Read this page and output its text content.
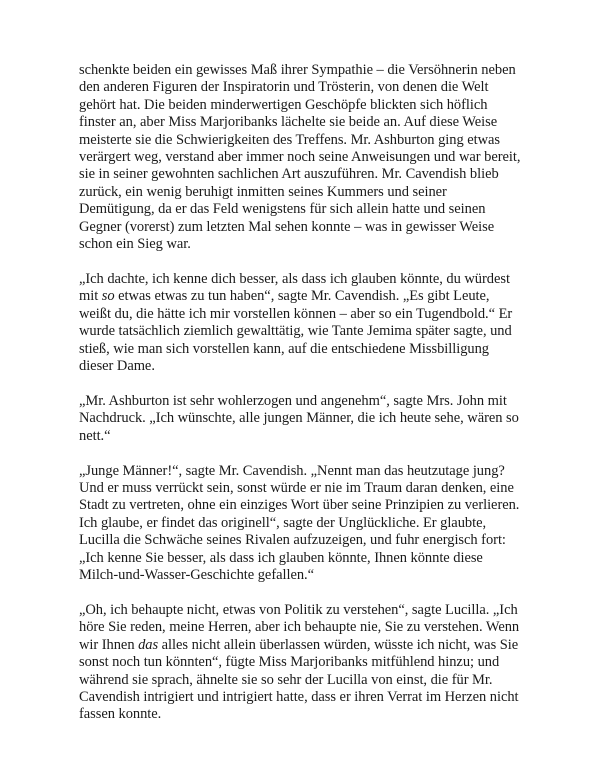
schenkte beiden ein gewisses Maß ihrer Sympathie – die Versöhnerin neben den anderen Figuren der Inspiratorin und Trösterin, von denen die Welt gehört hat. Die beiden minderwertigen Geschöpfe blickten sich höflich finster an, aber Miss Marjoribanks lächelte sie beide an. Auf diese Weise meisterte sie die Schwierigkeiten des Treffens. Mr. Ashburton ging etwas verärgert weg, verstand aber immer noch seine Anweisungen und war bereit, sie in seiner gewohnten sachlichen Art auszuführen. Mr. Cavendish blieb zurück, ein wenig beruhigt inmitten seines Kummers und seiner Demütigung, da er das Feld wenigstens für sich allein hatte und seinen Gegner (vorerst) zum letzten Mal sehen konnte – was in gewisser Weise schon ein Sieg war.

„Ich dachte, ich kenne dich besser, als dass ich glauben könnte, du würdest mit so etwas etwas zu tun haben“, sagte Mr. Cavendish. „Es gibt Leute, weißt du, die hätte ich mir vorstellen können – aber so ein Tugendbold.“ Er wurde tatsächlich ziemlich gewalttätig, wie Tante Jemima später sagte, und stieß, wie man sich vorstellen kann, auf die entschiedene Missbilligung dieser Dame.

„Mr. Ashburton ist sehr wohlerzogen und angenehm“, sagte Mrs. John mit Nachdruck. „Ich wünschte, alle jungen Männer, die ich heute sehe, wären so nett.“

„Junge Männer!“, sagte Mr. Cavendish. „Nennt man das heutzutage jung? Und er muss verrückt sein, sonst würde er nie im Traum daran denken, eine Stadt zu vertreten, ohne ein einziges Wort über seine Prinzipien zu verlieren. Ich glaube, er findet das originell“, sagte der Unglückliche. Er glaubte, Lucilla die Schwäche seines Rivalen aufzuzeigen, und fuhr energisch fort: „Ich kenne Sie besser, als dass ich glauben könnte, Ihnen könnte diese Milch-und-Wasser-Geschichte gefallen.“

„Oh, ich behaupte nicht, etwas von Politik zu verstehen“, sagte Lucilla. „Ich höre Sie reden, meine Herren, aber ich behaupte nie, Sie zu verstehen. Wenn wir Ihnen das alles nicht allein überlassen würden, wüsste ich nicht, was Sie sonst noch tun könnten“, fügte Miss Marjoribanks mitfühlend hinzu; und während sie sprach, ähnelte sie so sehr der Lucilla von einst, die für Mr. Cavendish intrigiert und intrigiert hatte, dass er ihren Verrat im Herzen nicht fassen konnte.
